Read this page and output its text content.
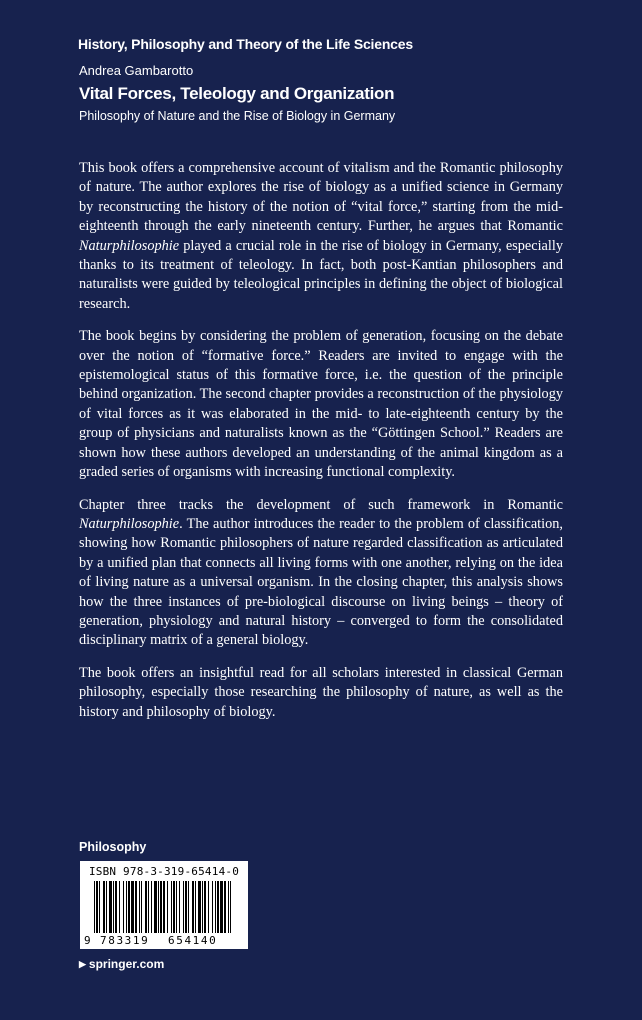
History, Philosophy and Theory of the Life Sciences
Andrea Gambarotto
Vital Forces, Teleology and Organization
Philosophy of Nature and the Rise of Biology in Germany

This book offers a comprehensive account of vitalism and the Romantic philosophy of nature. The author explores the rise of biology as a unified science in Germany by reconstructing the history of the notion of “vital force,” starting from the mid-eighteenth through the early nineteenth century. Further, he argues that Romantic Naturphilosophie played a crucial role in the rise of biology in Germany, especially thanks to its treatment of teleology. In fact, both post-Kantian philosophers and naturalists were guided by teleological principles in defining the object of biological research.

The book begins by considering the problem of generation, focusing on the debate over the notion of “formative force.” Readers are invited to engage with the epistemological status of this formative force, i.e. the question of the principle behind organization. The second chapter provides a reconstruction of the physiology of vital forces as it was elaborated in the mid- to late-eighteenth century by the group of physicians and naturalists known as the “Göttingen School.” Readers are shown how these authors developed an understanding of the animal kingdom as a graded series of organisms with increasing functional complexity.

Chapter three tracks the development of such framework in Romantic Naturphilosophie. The author introduces the reader to the problem of classification, showing how Romantic philosophers of nature regarded classification as articulated by a unified plan that connects all living forms with one another, relying on the idea of living nature as a universal organism. In the closing chapter, this analysis shows how the three instances of pre-biological discourse on living beings – theory of generation, physiology and natural history – converged to form the consolidated disciplinary matrix of a general biology.

The book offers an insightful read for all scholars interested in classical German philosophy, especially those researching the philosophy of nature, as well as the history and philosophy of biology.

Philosophy
ISBN 978-3-319-65414-0
9 783319 654140
▶ springer.com
